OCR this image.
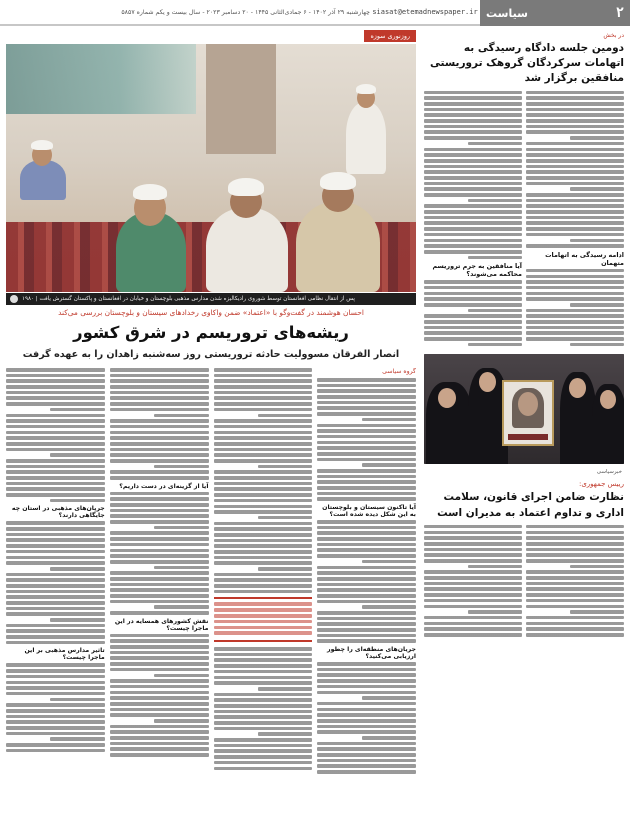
چهارشنبه ۲۹ آذر ۱۴۰۲ - ۶ جمادی‌الثانی ۱۴۴۵ - ۲۰ دسامبر ۲۰۲۳ - سال بیست و یکم شماره ۵۸۵۷ siasat@etemadnewspaper.ir	۲
سیاست
در بخش
دومین جلسه دادگاه رسیدگی به اتهامات سرکردگان گروهک تروریستی منافقین برگزار شد
ادامه رسیدگی به اتهامات متهمان
آیا منافقین به جرم تروریسم محاکمه می‌شوند؟
خبرسیاسی
رییس جمهوری:
نظارت ضامن اجرای قانون، سلامت اداری و تداوم اعتماد به مدیران است
روزنوری سوزه
پس از انتقال نظامی افغانستان توسط شوروی رادیکالیزه شدن مدارس مذهبی بلوچستان و خیابان در افغانستان و پاکستان گسترش یافت | ۱۹۸۰
احسان هوشمند در گفت‌وگو با «اعتماد» ضمن واکاوی رخدادهای سیستان و بلوچستان بررسی می‌کند
ریشه‌های تروریسم در شرق کشور
انصار الفرقان مسوولیت حادثه تروریستی روز سه‌شنبه زاهدان را به عهده گرفت
گروه سیاسی
آیا تاکنون سیستان و بلوچستان به این شکل دیده شده است؟
جریان‌های منطقه‌ای را چطور ارزیابی می‌کنید؟
آیا از گزینه‌ای در دست داریم؟
نقش کشورهای همسایه در این ماجرا چیست؟
جریان‌های مذهبی در استان چه جایگاهی دارند؟
تاثیر مدارس مذهبی بر این ماجرا چیست؟
